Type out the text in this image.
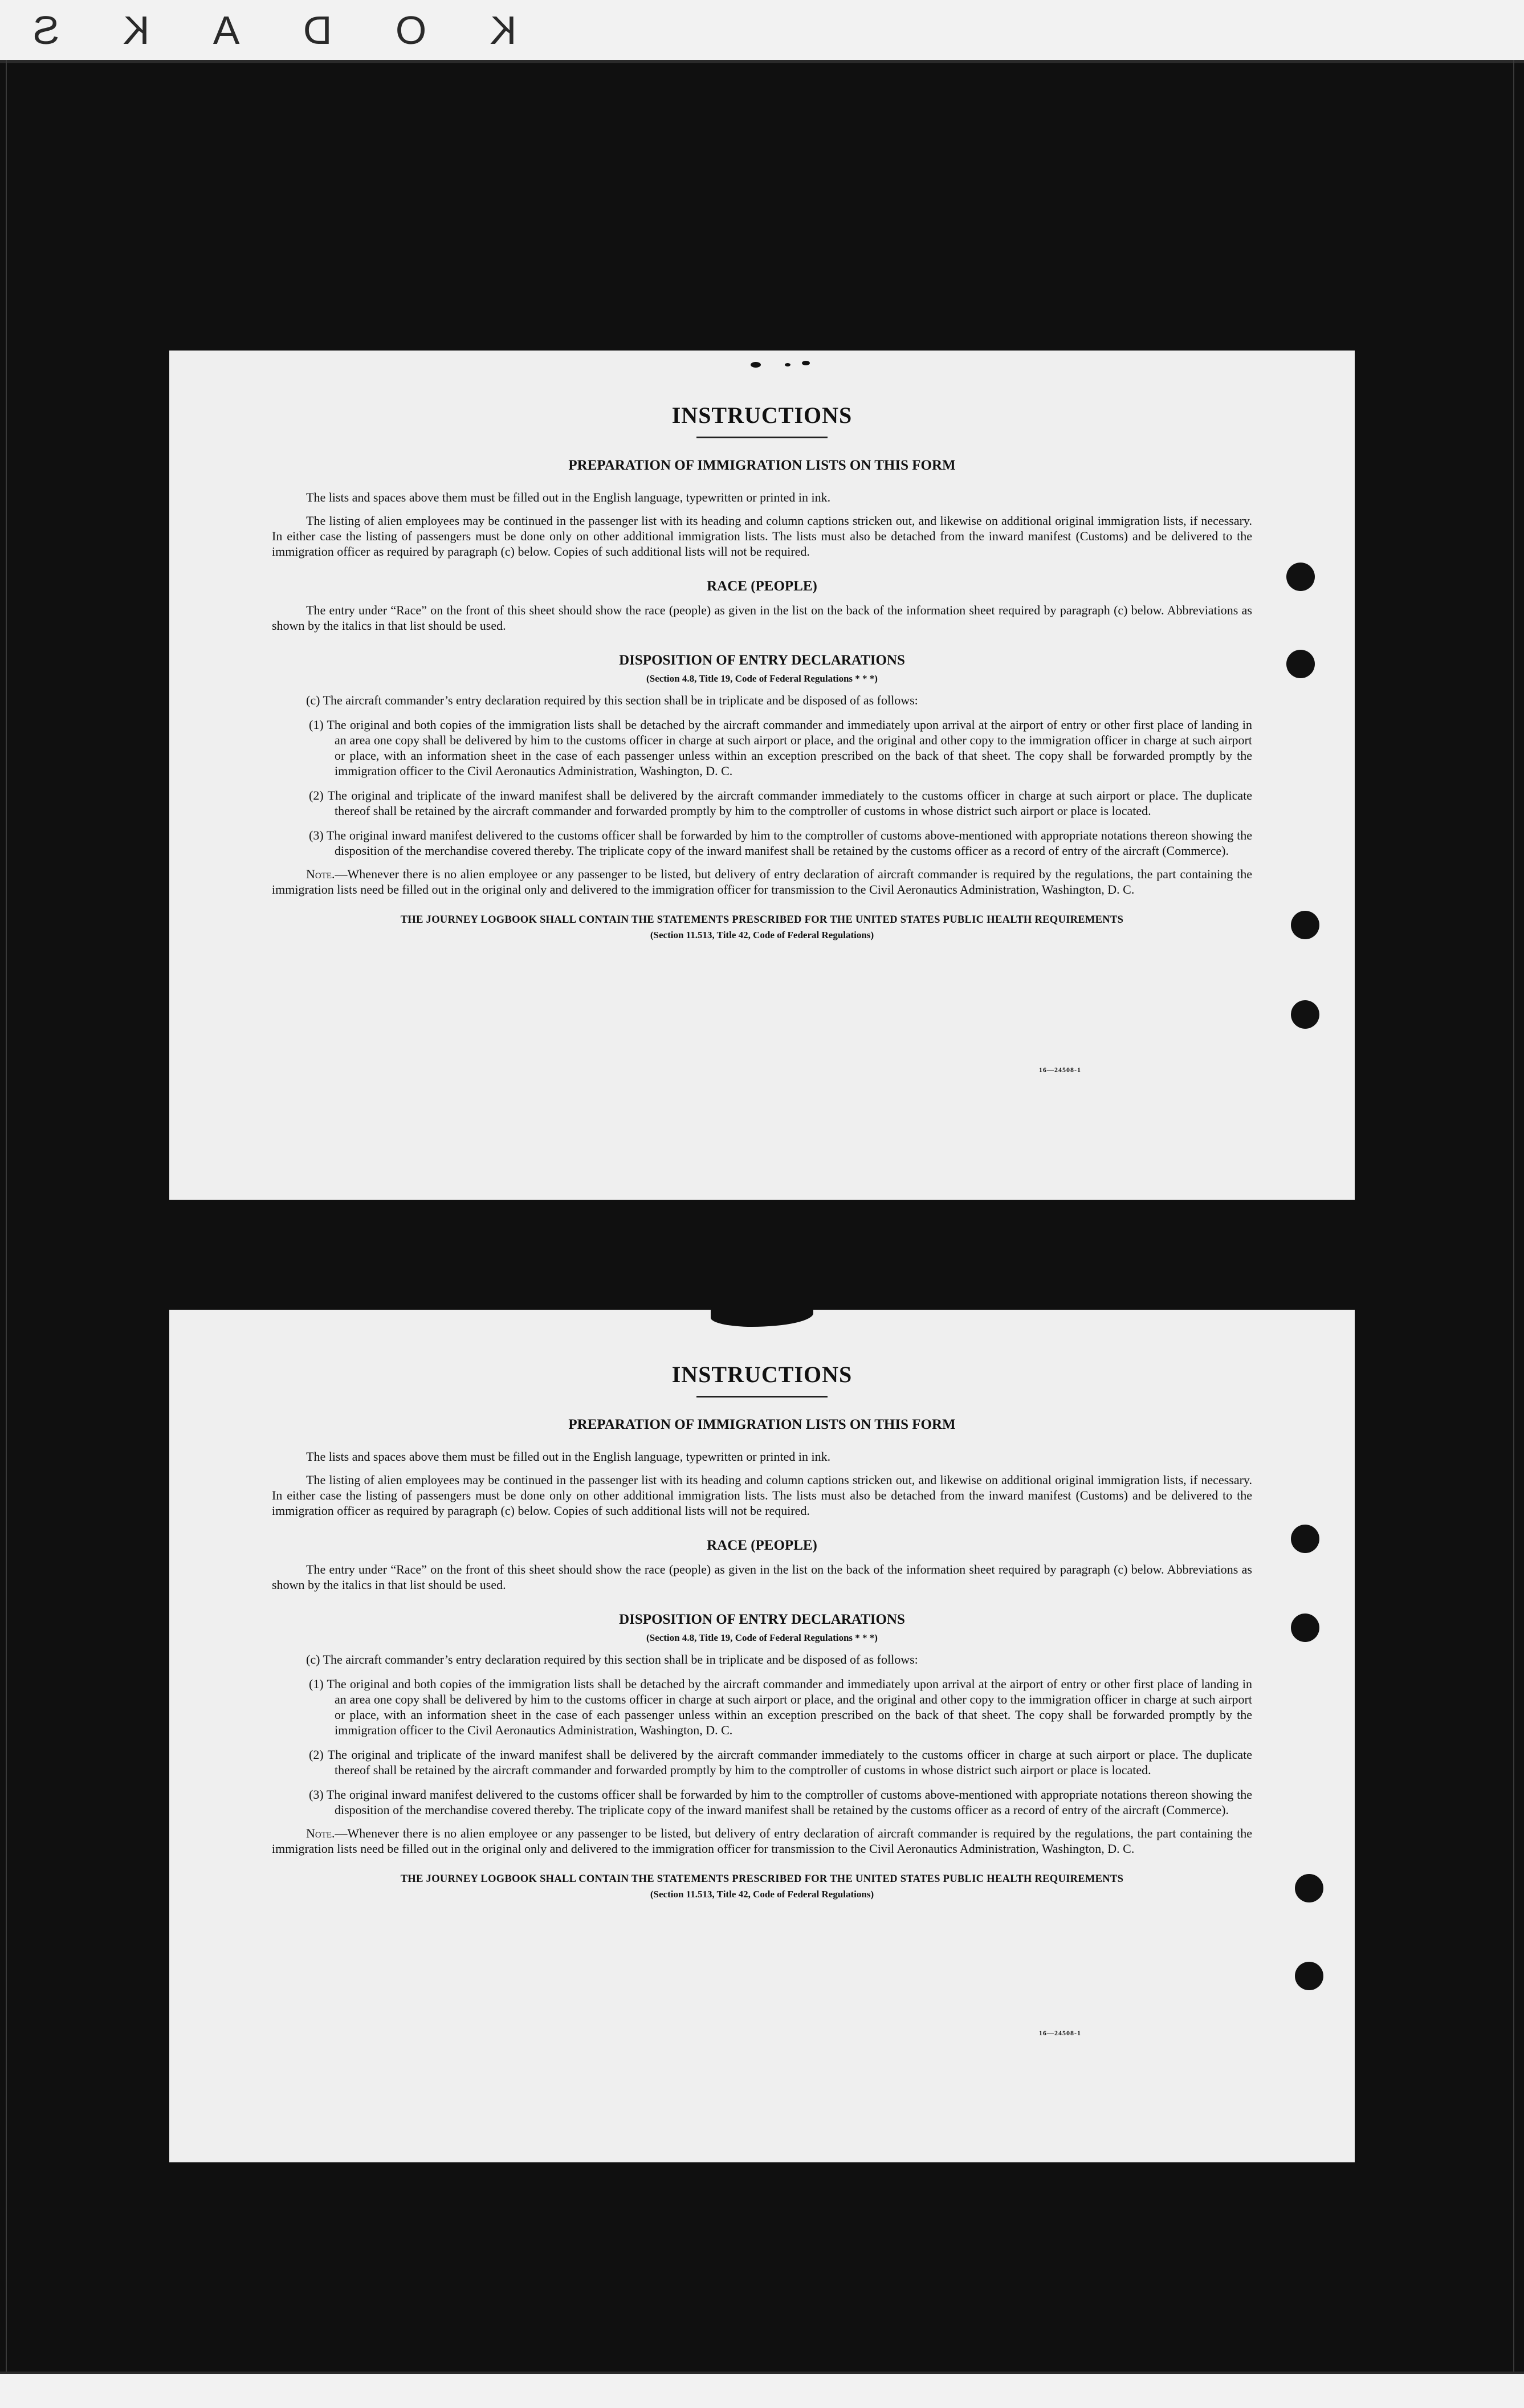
K
O
D
A
K
S
INSTRUCTIONS
PREPARATION OF IMMIGRATION LISTS ON THIS FORM
The lists and spaces above them must be filled out in the English language, typewritten or printed in ink.
The listing of alien employees may be continued in the passenger list with its heading and column captions stricken out, and likewise on additional original immigration lists, if necessary. In either case the listing of passengers must be done only on other additional immigration lists. The lists must also be detached from the inward manifest (Customs) and be delivered to the immigration officer as required by paragraph (c) below. Copies of such additional lists will not be required.
RACE (PEOPLE)
The entry under “Race” on the front of this sheet should show the race (people) as given in the list on the back of the information sheet required by paragraph (c) below. Abbreviations as shown by the italics in that list should be used.
DISPOSITION OF ENTRY DECLARATIONS
(Section 4.8, Title 19, Code of Federal Regulations * * *)
(c) The aircraft commander’s entry declaration required by this section shall be in triplicate and be disposed of as follows:
(1) The original and both copies of the immigration lists shall be detached by the aircraft commander and immediately upon arrival at the airport of entry or other first place of landing in an area one copy shall be delivered by him to the customs officer in charge at such airport or place, and the original and other copy to the immigration officer in charge at such airport or place, with an information sheet in the case of each passenger unless within an exception prescribed on the back of that sheet. The copy shall be forwarded promptly by the immigration officer to the Civil Aeronautics Administration, Washington, D. C.
(2) The original and triplicate of the inward manifest shall be delivered by the aircraft commander immediately to the customs officer in charge at such airport or place. The duplicate thereof shall be retained by the aircraft commander and forwarded promptly by him to the comptroller of customs in whose district such airport or place is located.
(3) The original inward manifest delivered to the customs officer shall be forwarded by him to the comptroller of customs above-mentioned with appropriate notations thereon showing the disposition of the merchandise covered thereby. The triplicate copy of the inward manifest shall be retained by the customs officer as a record of entry of the aircraft (Commerce).
Note.—Whenever there is no alien employee or any passenger to be listed, but delivery of entry declaration of aircraft commander is required by the regulations, the part containing the immigration lists need be filled out in the original only and delivered to the immigration officer for transmission to the Civil Aeronautics Administration, Washington, D. C.
THE JOURNEY LOGBOOK SHALL CONTAIN THE STATEMENTS PRESCRIBED FOR THE UNITED STATES PUBLIC HEALTH REQUIREMENTS
(Section 11.513, Title 42, Code of Federal Regulations)
16—24508-1
INSTRUCTIONS
PREPARATION OF IMMIGRATION LISTS ON THIS FORM
The lists and spaces above them must be filled out in the English language, typewritten or printed in ink.
The listing of alien employees may be continued in the passenger list with its heading and column captions stricken out, and likewise on additional original immigration lists, if necessary. In either case the listing of passengers must be done only on other additional immigration lists. The lists must also be detached from the inward manifest (Customs) and be delivered to the immigration officer as required by paragraph (c) below. Copies of such additional lists will not be required.
RACE (PEOPLE)
The entry under “Race” on the front of this sheet should show the race (people) as given in the list on the back of the information sheet required by paragraph (c) below. Abbreviations as shown by the italics in that list should be used.
DISPOSITION OF ENTRY DECLARATIONS
(Section 4.8, Title 19, Code of Federal Regulations * * *)
(c) The aircraft commander’s entry declaration required by this section shall be in triplicate and be disposed of as follows:
(1) The original and both copies of the immigration lists shall be detached by the aircraft commander and immediately upon arrival at the airport of entry or other first place of landing in an area one copy shall be delivered by him to the customs officer in charge at such airport or place, and the original and other copy to the immigration officer in charge at such airport or place, with an information sheet in the case of each passenger unless within an exception prescribed on the back of that sheet. The copy shall be forwarded promptly by the immigration officer to the Civil Aeronautics Administration, Washington, D. C.
(2) The original and triplicate of the inward manifest shall be delivered by the aircraft commander immediately to the customs officer in charge at such airport or place. The duplicate thereof shall be retained by the aircraft commander and forwarded promptly by him to the comptroller of customs in whose district such airport or place is located.
(3) The original inward manifest delivered to the customs officer shall be forwarded by him to the comptroller of customs above-mentioned with appropriate notations thereon showing the disposition of the merchandise covered thereby. The triplicate copy of the inward manifest shall be retained by the customs officer as a record of entry of the aircraft (Commerce).
Note.—Whenever there is no alien employee or any passenger to be listed, but delivery of entry declaration of aircraft commander is required by the regulations, the part containing the immigration lists need be filled out in the original only and delivered to the immigration officer for transmission to the Civil Aeronautics Administration, Washington, D. C.
THE JOURNEY LOGBOOK SHALL CONTAIN THE STATEMENTS PRESCRIBED FOR THE UNITED STATES PUBLIC HEALTH REQUIREMENTS
(Section 11.513, Title 42, Code of Federal Regulations)
16—24508-1
